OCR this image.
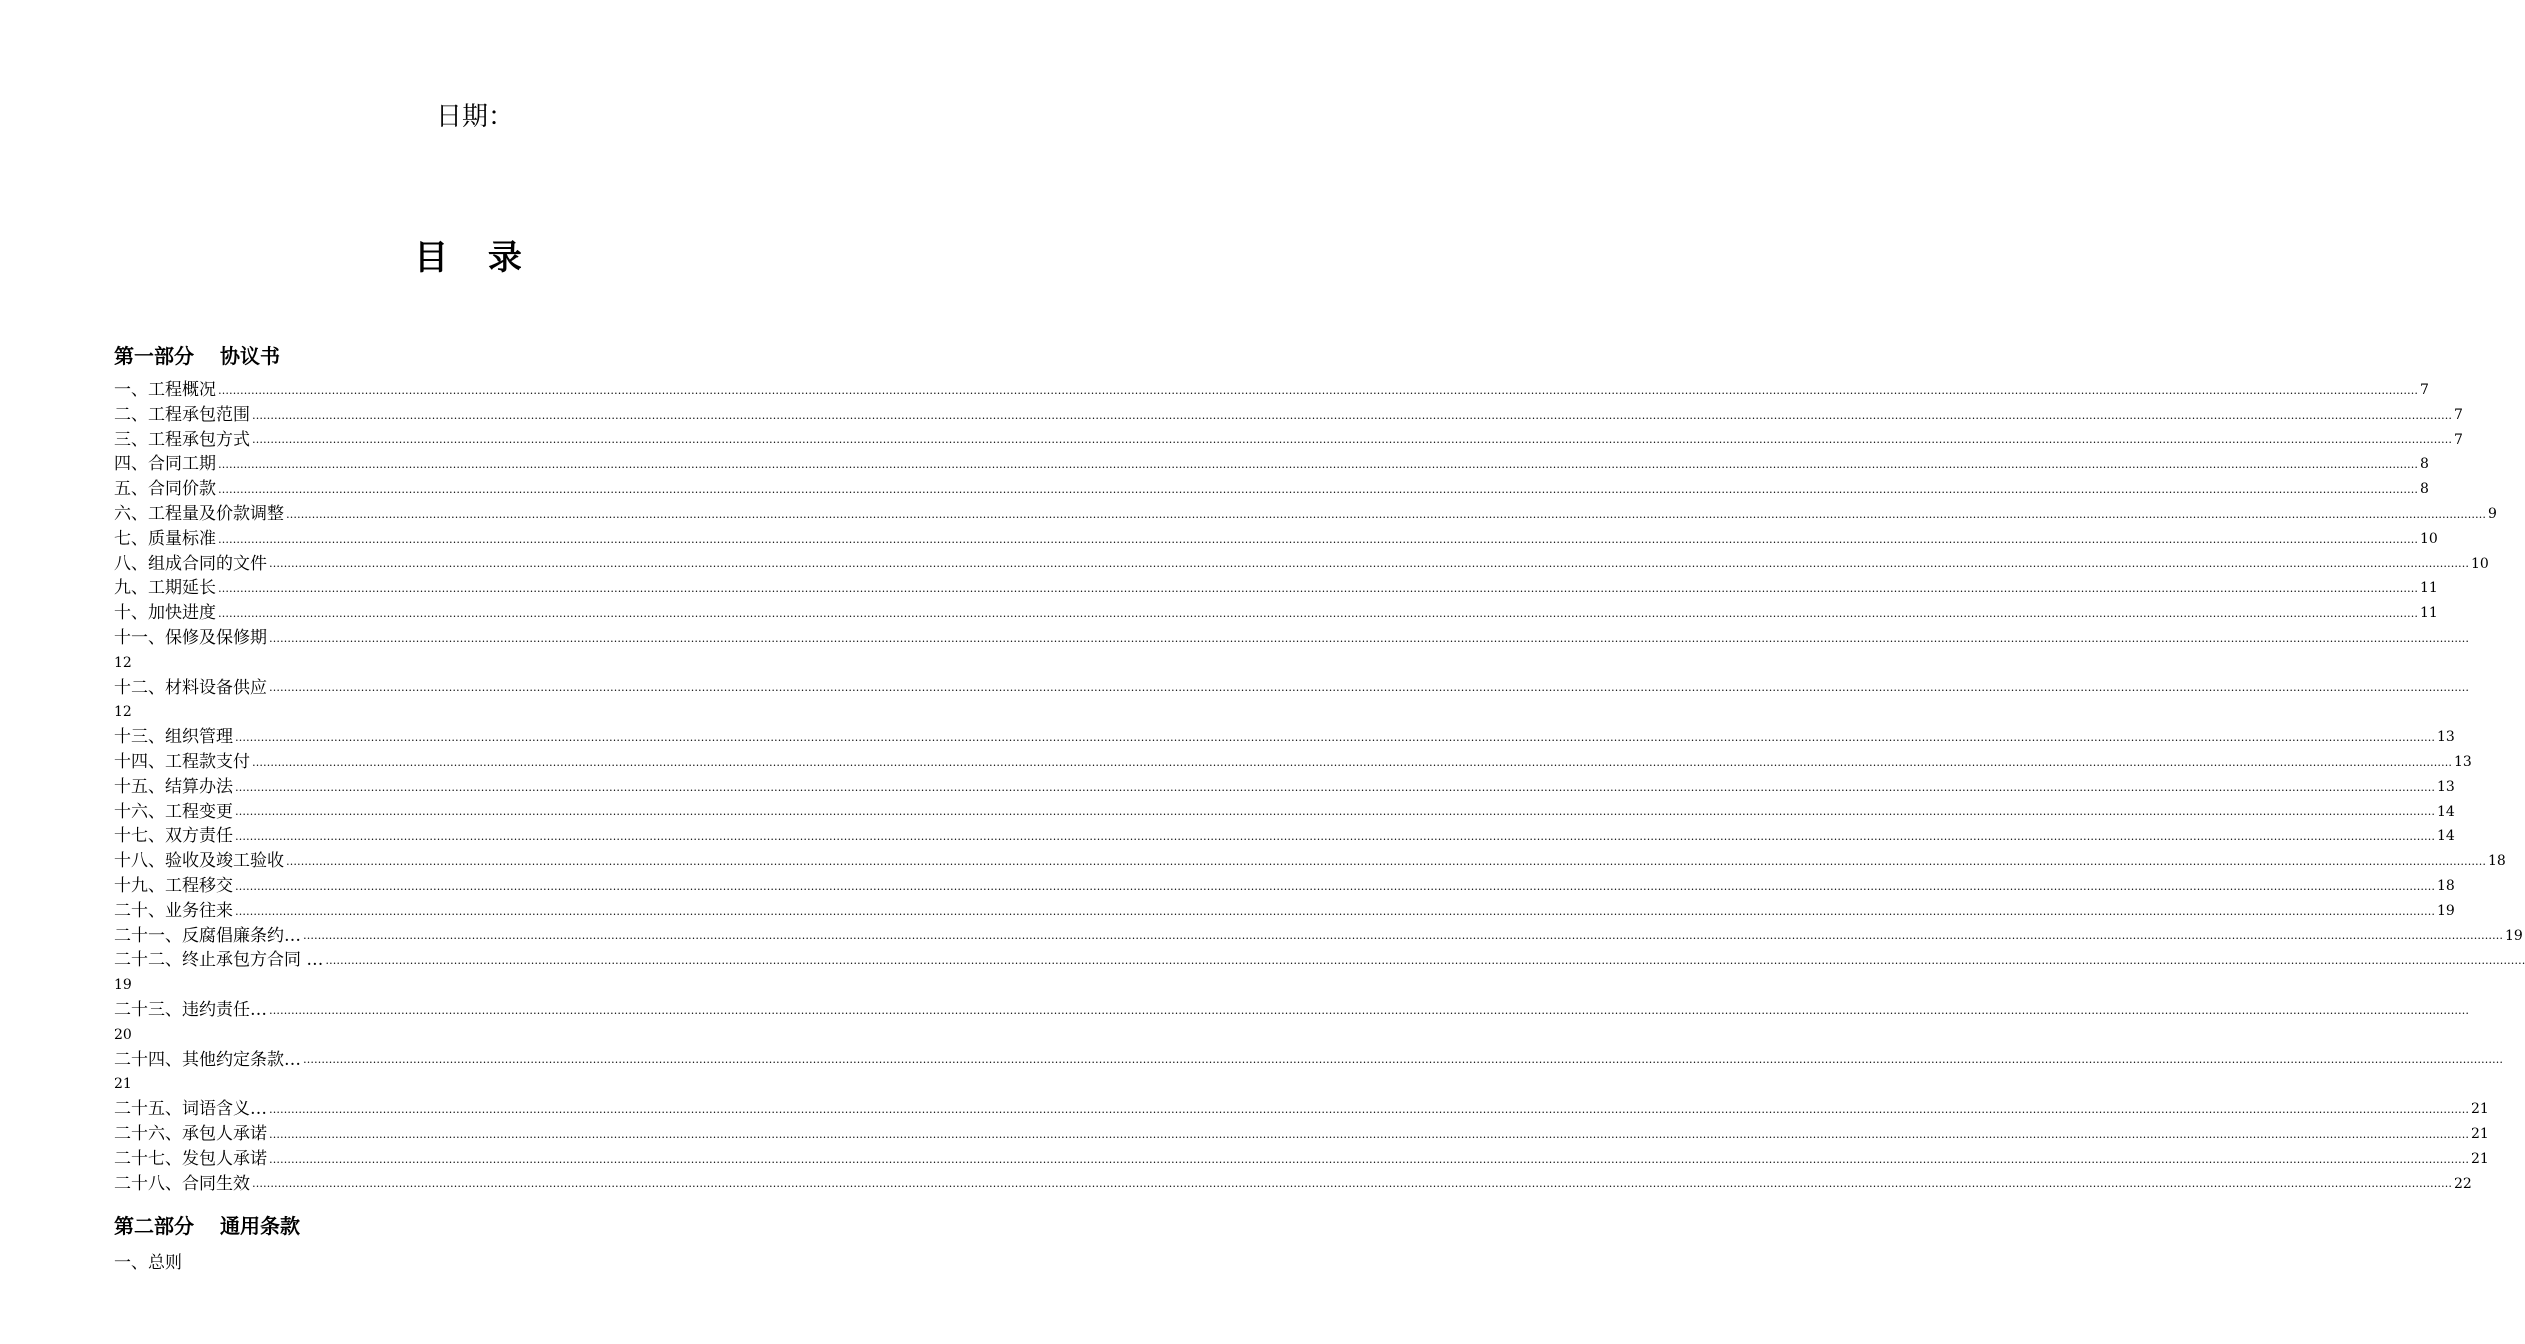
日期：
目 录
第一部分 协议书
一、工程概况 …………………………………………………………………………………………………………………………………………………………………………………………………………………………………………………………………………………………………………………………………………………………………………………………………………………………………………………………………………………………………………………………………………………… 7
二、工程承包范围 …………………………………………………………………………………………………………………………………………………………………………………………………………………………………………………………………………………………………………………………………………………………………………………………………………………………………………………………………………………………………………………………………………………… 7
三、工程承包方式 …………………………………………………………………………………………………………………………………………………………………………………………………………………………………………………………………………………………………………………………………………………………………………………………………………………………………………………………………………………………………………………………………………………… 7
四、合同工期 …………………………………………………………………………………………………………………………………………………………………………………………………………………………………………………………………………………………………………………………………………………………………………………………………………………………………………………………………………………………………………………………………………………… 8
五、合同价款 …………………………………………………………………………………………………………………………………………………………………………………………………………………………………………………………………………………………………………………………………………………………………………………………………………………………………………………………………………………………………………………………………………………… 8
六、工程量及价款调整 …………………………………………………………………………………………………………………………………………………………………………………………………………………………………………………………………………………………………………………………………………………………………………………………………………………………………………………………………………………………………………………………………………………… 9
七、质量标准 …………………………………………………………………………………………………………………………………………………………………………………………………………………………………………………………………………………………………………………………………………………………………………………………………………………………………………………………………………………………………………………………………………………… 10
八、组成合同的文件 …………………………………………………………………………………………………………………………………………………………………………………………………………………………………………………………………………………………………………………………………………………………………………………………………………………………………………………………………………………………………………………………………………………… 10
九、工期延长 …………………………………………………………………………………………………………………………………………………………………………………………………………………………………………………………………………………………………………………………………………………………………………………………………………………………………………………………………………………………………………………………………………………… 11
十、加快进度 …………………………………………………………………………………………………………………………………………………………………………………………………………………………………………………………………………………………………………………………………………………………………………………………………………………………………………………………………………………………………………………………………………………… 11
十一、保修及保修期 ……………………………………………………………………………………………………………………………………………………………………………………………………………………………………………………………………………………………………………………………………………………………………………………………………………………………………………………………………………………………………………………………………………………
12
十二、材料设备供应 ……………………………………………………………………………………………………………………………………………………………………………………………………………………………………………………………………………………………………………………………………………………………………………………………………………………………………………………………………………………………………………………………………………………
12
十三、组织管理 …………………………………………………………………………………………………………………………………………………………………………………………………………………………………………………………………………………………………………………………………………………………………………………………………………………………………………………………………………………………………………………………………………………… 13
十四、工程款支付 …………………………………………………………………………………………………………………………………………………………………………………………………………………………………………………………………………………………………………………………………………………………………………………………………………………………………………………………………………………………………………………………………………………… 13
十五、结算办法 …………………………………………………………………………………………………………………………………………………………………………………………………………………………………………………………………………………………………………………………………………………………………………………………………………………………………………………………………………………………………………………………………………………… 13
十六、工程变更 …………………………………………………………………………………………………………………………………………………………………………………………………………………………………………………………………………………………………………………………………………………………………………………………………………………………………………………………………………………………………………………………………………………… 14
十七、双方责任 …………………………………………………………………………………………………………………………………………………………………………………………………………………………………………………………………………………………………………………………………………………………………………………………………………………………………………………………………………………………………………………………………………………… 14
十八、验收及竣工验收 …………………………………………………………………………………………………………………………………………………………………………………………………………………………………………………………………………………………………………………………………………………………………………………………………………………………………………………………………………………………………………………………………………………… 18
十九、工程移交 …………………………………………………………………………………………………………………………………………………………………………………………………………………………………………………………………………………………………………………………………………………………………………………………………………………………………………………………………………………………………………………………………………………… 18
二十、业务往来 …………………………………………………………………………………………………………………………………………………………………………………………………………………………………………………………………………………………………………………………………………………………………………………………………………………………………………………………………………………………………………………………………………………… 19
二十一、反腐倡廉条约… …………………………………………………………………………………………………………………………………………………………………………………………………………………………………………………………………………………………………………………………………………………………………………………………………………………………………………………………………………………………………………………………………………………… 19
二十二、终止承包方合同 … ……………………………………………………………………………………………………………………………………………………………………………………………………………………………………………………………………………………………………………………………………………………………………………………………………………………………………………………………………………………………………………………………………………………
19
二十三、违约责任… ……………………………………………………………………………………………………………………………………………………………………………………………………………………………………………………………………………………………………………………………………………………………………………………………………………………………………………………………………………………………………………………………………………………
20
二十四、其他约定条款… ……………………………………………………………………………………………………………………………………………………………………………………………………………………………………………………………………………………………………………………………………………………………………………………………………………………………………………………………………………………………………………………………………………………
21
二十五、词语含义… …………………………………………………………………………………………………………………………………………………………………………………………………………………………………………………………………………………………………………………………………………………………………………………………………………………………………………………………………………………………………………………………………………………… 21
二十六、承包人承诺 …………………………………………………………………………………………………………………………………………………………………………………………………………………………………………………………………………………………………………………………………………………………………………………………………………………………………………………………………………………………………………………………………………………… 21
二十七、发包人承诺 …………………………………………………………………………………………………………………………………………………………………………………………………………………………………………………………………………………………………………………………………………………………………………………………………………………………………………………………………………………………………………………………………………………… 21
二十八、合同生效 …………………………………………………………………………………………………………………………………………………………………………………………………………………………………………………………………………………………………………………………………………………………………………………………………………………………………………………………………………………………………………………………………………………… 22
第二部分 通用条款
一、总则
